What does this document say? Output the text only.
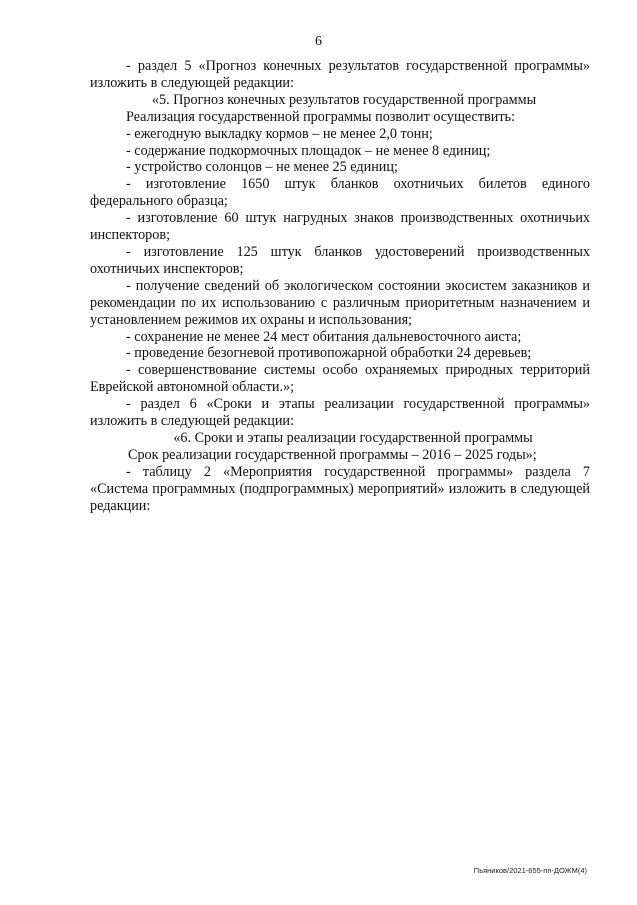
6

- раздел 5 «Прогноз конечных результатов государственной программы» изложить в следующей редакции:

«5. Прогноз конечных результатов государственной программы

Реализация государственной программы позволит осуществить:

- ежегодную выкладку кормов – не менее 2,0 тонн;

- содержание подкормочных площадок – не менее 8 единиц;

- устройство солонцов – не менее 25 единиц;

- изготовление 1650 штук бланков охотничьих билетов единого федерального образца;

- изготовление 60 штук нагрудных знаков производственных охотничьих инспекторов;

- изготовление 125 штук бланков удостоверений производственных охотничьих инспекторов;

- получение сведений об экологическом состоянии экосистем заказников и рекомендации по их использованию с различным приоритетным назначением и установлением режимов их охраны и использования;

- сохранение не менее 24 мест обитания дальневосточного аиста;

- проведение безогневой противопожарной обработки 24 деревьев;

- совершенствование системы особо охраняемых природных территорий Еврейской автономной области.»;

- раздел 6 «Сроки и этапы реализации государственной программы» изложить в следующей редакции:

«6. Сроки и этапы реализации государственной программы

Срок реализации государственной программы – 2016 – 2025 годы»;

- таблицу 2 «Мероприятия государственной программы» раздела 7 «Система программных (подпрограммных) мероприятий» изложить в следующей редакции:

Пьяников/2021-655-пп-ДОЖМ(4)
